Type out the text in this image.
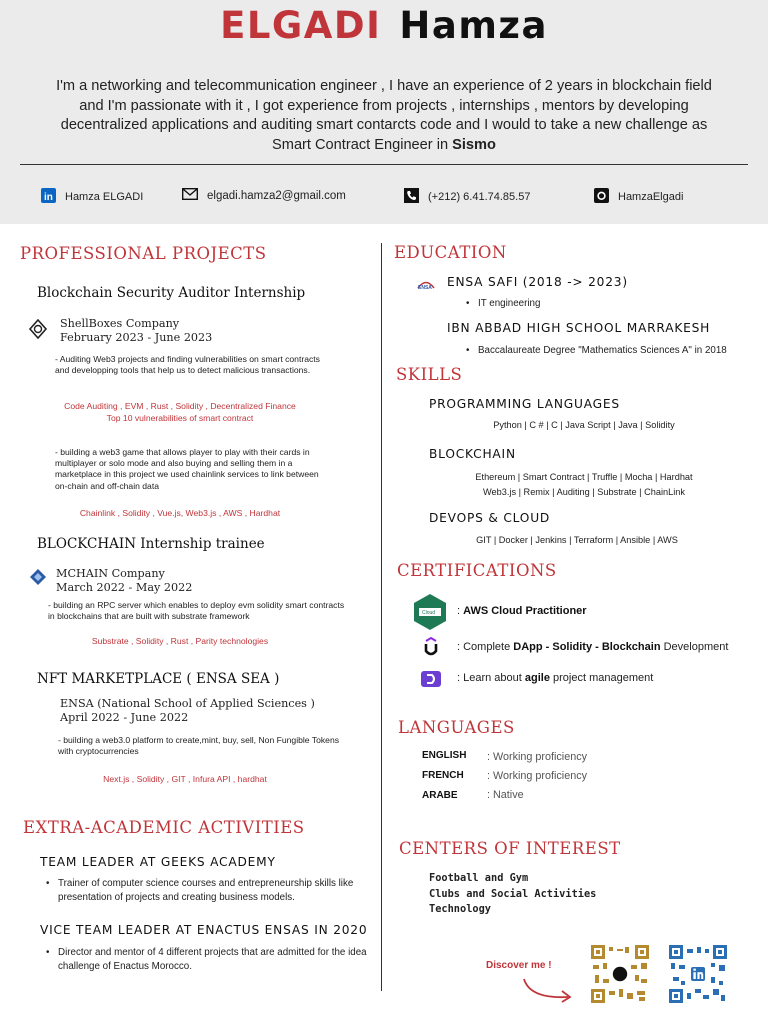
ELGADI Hamza
I'm a networking and telecommunication engineer , I have an experience of 2 years in blockchain field
and I'm passionate with it , I got experience from projects , internships , mentors by developing
decentralized applications and auditing smart contarcts code and I would to take a new challenge as
Smart Contract Engineer in Sismo
in Hamza ELGADI	elgadi.hamza2@gmail.com	(+212) 6.41.74.85.57	HamzaElgadi
PROFESSIONAL PROJECTS
Blockchain Security Auditor Internship
ShellBoxes Company
February 2023 - June 2023
- Auditing Web3 projects and finding vulnerabilities on smart contracts and developping tools that help us to detect malicious transactions.
Code Auditing , EVM , Rust , Solidity , Decentralized Finance
Top 10 vulnerabilities of smart contract
- building a web3 game that allows player to play with their cards in multiplayer or solo mode and also buying and selling them in a marketplace in this project we used chainlink services to link between on-chain and off-chain data
Chainlink , Solidity , Vue.js, Web3.js , AWS , Hardhat
BLOCKCHAIN Internship trainee
MCHAIN Company
March 2022 - May 2022
- building an RPC server which enables to deploy evm solidity smart contracts in blockchains that are built with substrate framework
Substrate , Solidity , Rust , Parity technologies
NFT MARKETPLACE ( ENSA SEA )
ENSA (National School of Applied Sciences )
April 2022 - June 2022
- building a web3.0 platform to create,mint, buy, sell, Non Fungible Tokens with cryptocurrencies
Next.js , Solidity , GIT , Infura API , hardhat
EXTRA-ACADEMIC ACTIVITIES
TEAM LEADER AT GEEKS ACADEMY
• Trainer of computer science courses and entrepreneurship skills like presentation of projects and creating business models.
VICE TEAM LEADER AT ENACTUS ENSAS IN 2020
• Director and mentor of 4 different projects that are admitted for the idea challenge of Enactus Morocco.
EDUCATION
ENSA ENSA SAFI (2018 -> 2023)
• IT engineering
IBN ABBAD HIGH SCHOOL MARRAKESH
• Baccalaureate Degree "Mathematics Sciences A" in 2018
SKILLS
PROGRAMMING LANGUAGES
Python | C # | C | Java Script | Java | Solidity
BLOCKCHAIN
Ethereum | Smart Contract | Truffle | Mocha | Hardhat
Web3.js | Remix | Auditing | Substrate | ChainLink
DEVOPS & CLOUD
GIT | Docker | Jenkins | Terraform | Ansible | AWS
CERTIFICATIONS
Cloud : AWS Cloud Practitioner
: Complete DApp - Solidity - Blockchain Development
: Learn about agile project management
LANGUAGES
ENGLISH : Working proficiency
FRENCH : Working proficiency
ARABE	: Native
CENTERS OF INTEREST
Football and Gym
Clubs and Social Activities
Technology
Discover me !
